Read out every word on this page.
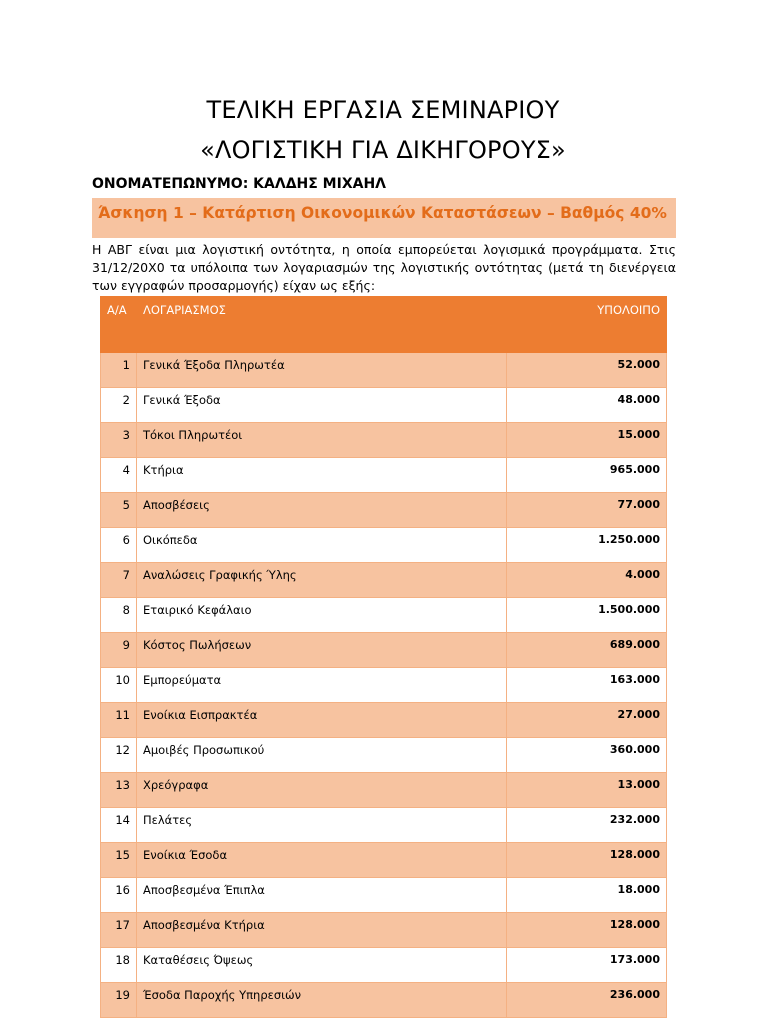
ΤΕΛΙΚΗ ΕΡΓΑΣΙΑ ΣΕΜΙΝΑΡΙΟΥ
«ΛΟΓΙΣΤΙΚΗ ΓΙΑ ΔΙΚΗΓΟΡΟΥΣ»
ΟΝΟΜΑΤΕΠΩΝΥΜΟ: ΚΑΛΔΗΣ ΜΙΧΑΗΛ
Άσκηση 1 – Κατάρτιση Οικονομικών Καταστάσεων – Βαθμός 40%

Η ΑΒΓ είναι μια λογιστική οντότητα, η οποία εμπορεύεται λογισμικά προγράμματα. Στις 31/12/20Χ0 τα υπόλοιπα των λογαριασμών της λογιστικής οντότητας (μετά τη διενέργεια των εγγραφών προσαρμογής) είχαν ως εξής:

Α/Α	ΛΟΓΑΡΙΑΣΜΟΣ	ΥΠΟΛΟΙΠΟ
1	Γενικά Έξοδα Πληρωτέα	52.000
2	Γενικά Έξοδα	48.000
3	Τόκοι Πληρωτέοι	15.000
4	Κτήρια	965.000
5	Αποσβέσεις	77.000
6	Οικόπεδα	1.250.000
7	Αναλώσεις Γραφικής Ύλης	4.000
8	Εταιρικό Κεφάλαιο	1.500.000
9	Κόστος Πωλήσεων	689.000
10	Εμπορεύματα	163.000
11	Ενοίκια Εισπρακτέα	27.000
12	Αμοιβές Προσωπικού	360.000
13	Χρεόγραφα	13.000
14	Πελάτες	232.000
15	Ενοίκια Έσοδα	128.000
16	Αποσβεσμένα Έπιπλα	18.000
17	Αποσβεσμένα Κτήρια	128.000
18	Καταθέσεις Όψεως	173.000
19	Έσοδα Παροχής Υπηρεσιών	236.000
